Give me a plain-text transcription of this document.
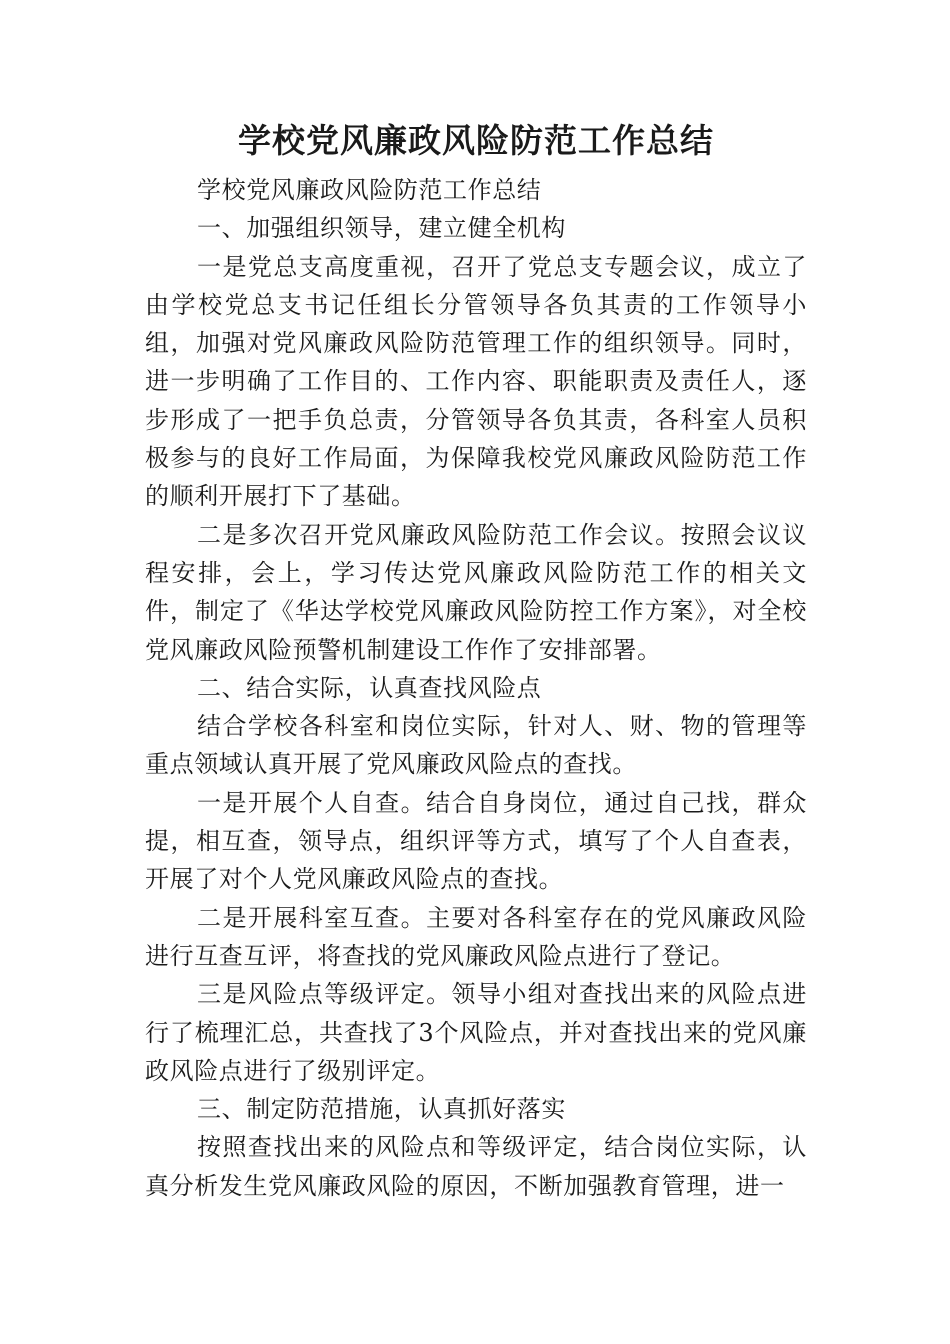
学校党风廉政风险防范工作总结

学校党风廉政风险防范工作总结

一、加强组织领导，建立健全机构

一是党总支高度重视，召开了党总支专题会议，成立了由学校党总支书记任组长分管领导各负其责的工作领导小组，加强对党风廉政风险防范管理工作的组织领导。同时，进一步明确了工作目的、工作内容、职能职责及责任人，逐步形成了一把手负总责，分管领导各负其责，各科室人员积极参与的良好工作局面，为保障我校党风廉政风险防范工作的顺利开展打下了基础。

二是多次召开党风廉政风险防范工作会议。按照会议议程安排，会上，学习传达党风廉政风险防范工作的相关文件，制定了《华达学校党风廉政风险防控工作方案》，对全校党风廉政风险预警机制建设工作作了安排部署。

二、结合实际，认真查找风险点

结合学校各科室和岗位实际，针对人、财、物的管理等重点领域认真开展了党风廉政风险点的查找。

一是开展个人自查。结合自身岗位，通过自己找，群众提，相互查，领导点，组织评等方式，填写了个人自查表，开展了对个人党风廉政风险点的查找。

二是开展科室互查。主要对各科室存在的党风廉政风险进行互查互评，将查找的党风廉政风险点进行了登记。

三是风险点等级评定。领导小组对查找出来的风险点进行了梳理汇总，共查找了3个风险点，并对查找出来的党风廉政风险点进行了级别评定。

三、制定防范措施，认真抓好落实

按照查找出来的风险点和等级评定，结合岗位实际，认真分析发生党风廉政风险的原因，不断加强教育管理，进一
